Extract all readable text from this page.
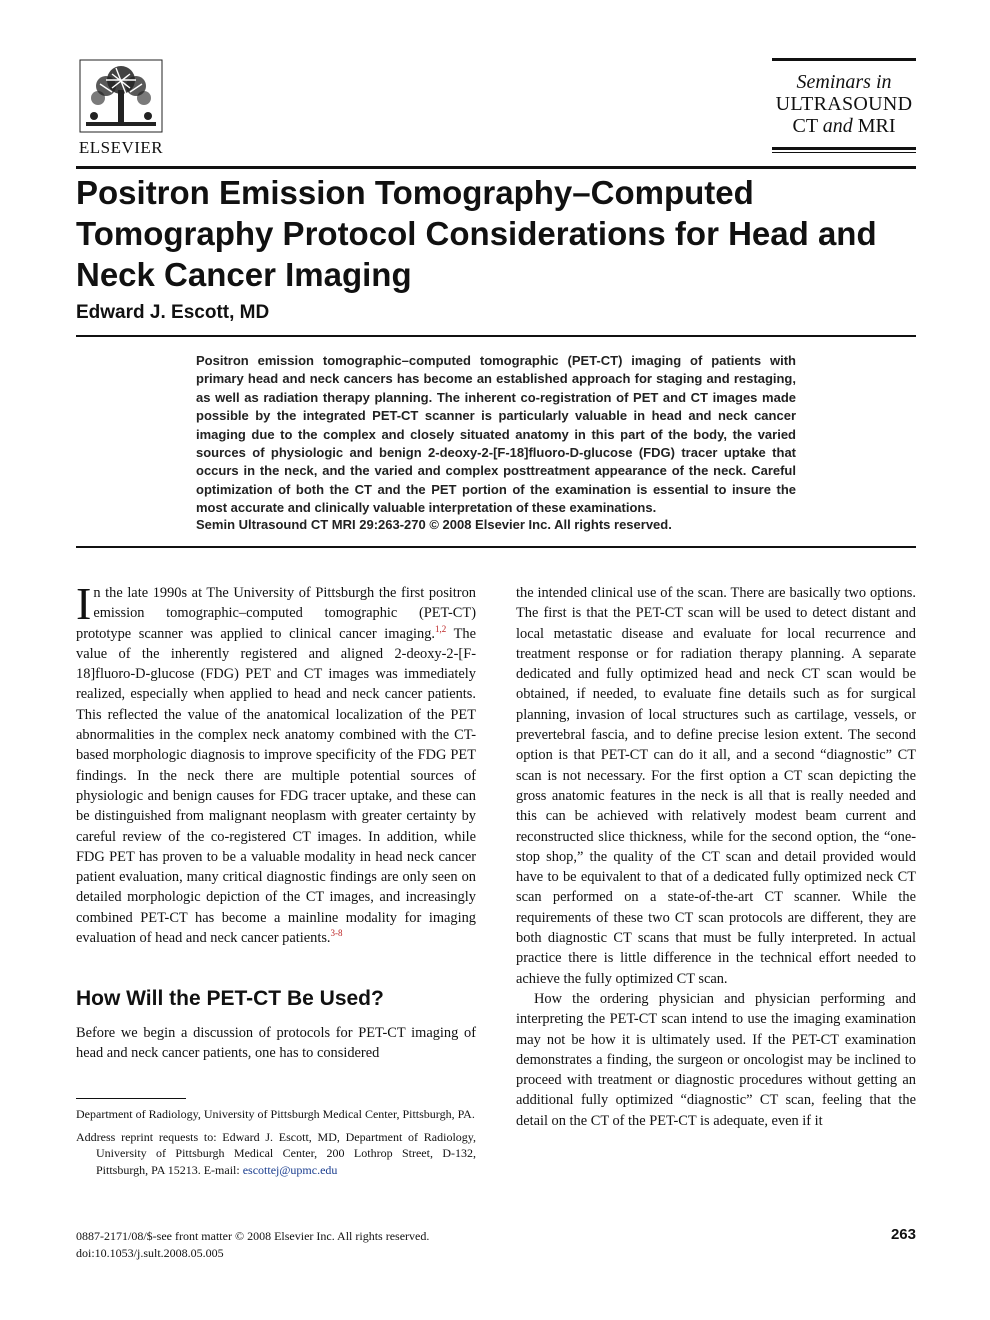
ELSEVIER
Seminars in
ULTRASOUND
CT and MRI
Positron Emission Tomography–Computed Tomography Protocol Considerations for Head and Neck Cancer Imaging
Edward J. Escott, MD
Positron emission tomographic–computed tomographic (PET-CT) imaging of patients with primary head and neck cancers has become an established approach for staging and restaging, as well as radiation therapy planning. The inherent co-registration of PET and CT images made possible by the integrated PET-CT scanner is particularly valuable in head and neck cancer imaging due to the complex and closely situated anatomy in this part of the body, the varied sources of physiologic and benign 2-deoxy-2-[F-18]fluoro-D-glucose (FDG) tracer uptake that occurs in the neck, and the varied and complex posttreatment appearance of the neck. Careful optimization of both the CT and the PET portion of the examination is essential to insure the most accurate and clinically valuable interpretation of these examinations.
Semin Ultrasound CT MRI 29:263-270 © 2008 Elsevier Inc. All rights reserved.

In the late 1990s at The University of Pittsburgh the first positron emission tomographic–computed tomographic (PET-CT) prototype scanner was applied to clinical cancer imaging.$^{1,2}$ The value of the inherently registered and aligned 2-deoxy-2-[F-18]fluoro-D-glucose (FDG) PET and CT images was immediately realized, especially when applied to head and neck cancer patients. This reflected the value of the anatomical localization of the PET abnormalities in the complex neck anatomy combined with the CT-based morphologic diagnosis to improve specificity of the FDG PET findings. In the neck there are multiple potential sources of physiologic and benign causes for FDG tracer uptake, and these can be distinguished from malignant neoplasm with greater certainty by careful review of the co-registered CT images. In addition, while FDG PET has proven to be a valuable modality in head neck cancer patient evaluation, many critical diagnostic findings are only seen on detailed morphologic depiction of the CT images, and increasingly combined PET-CT has become a mainline modality for imaging evaluation of head and neck cancer patients.$^{3-8}$

How Will the PET-CT Be Used?

Before we begin a discussion of protocols for PET-CT imaging of head and neck cancer patients, one has to considered

the intended clinical use of the scan. There are basically two options. The first is that the PET-CT scan will be used to detect distant and local metastatic disease and evaluate for local recurrence and treatment response or for radiation therapy planning. A separate dedicated and fully optimized head and neck CT scan would be obtained, if needed, to evaluate fine details such as for surgical planning, invasion of local structures such as cartilage, vessels, or prevertebral fascia, and to define precise lesion extent. The second option is that PET-CT can do it all, and a second “diagnostic” CT scan is not necessary. For the first option a CT scan depicting the gross anatomic features in the neck is all that is really needed and this can be achieved with relatively modest beam current and reconstructed slice thickness, while for the second option, the “one-stop shop,” the quality of the CT scan and detail provided would have to be equivalent to that of a dedicated fully optimized neck CT scan performed on a state-of-the-art CT scanner. While the requirements of these two CT scan protocols are different, they are both diagnostic CT scans that must be fully interpreted. In actual practice there is little difference in the technical effort needed to achieve the fully optimized CT scan.

How the ordering physician and physician performing and interpreting the PET-CT scan intend to use the imaging examination may not be how it is ultimately used. If the PET-CT examination demonstrates a finding, the surgeon or oncologist may be inclined to proceed with treatment or diagnostic procedures without getting an additional fully optimized “diagnostic” CT scan, feeling that the detail on the CT of the PET-CT is adequate, even if it

Department of Radiology, University of Pittsburgh Medical Center, Pittsburgh, PA.

Address reprint requests to: Edward J. Escott, MD, Department of Radiology, University of Pittsburgh Medical Center, 200 Lothrop Street, D-132, Pittsburgh, PA 15213. E-mail: escottej@upmc.edu

0887-2171/08/$-see front matter © 2008 Elsevier Inc. All rights reserved.
doi:10.1053/j.sult.2008.05.005
263
